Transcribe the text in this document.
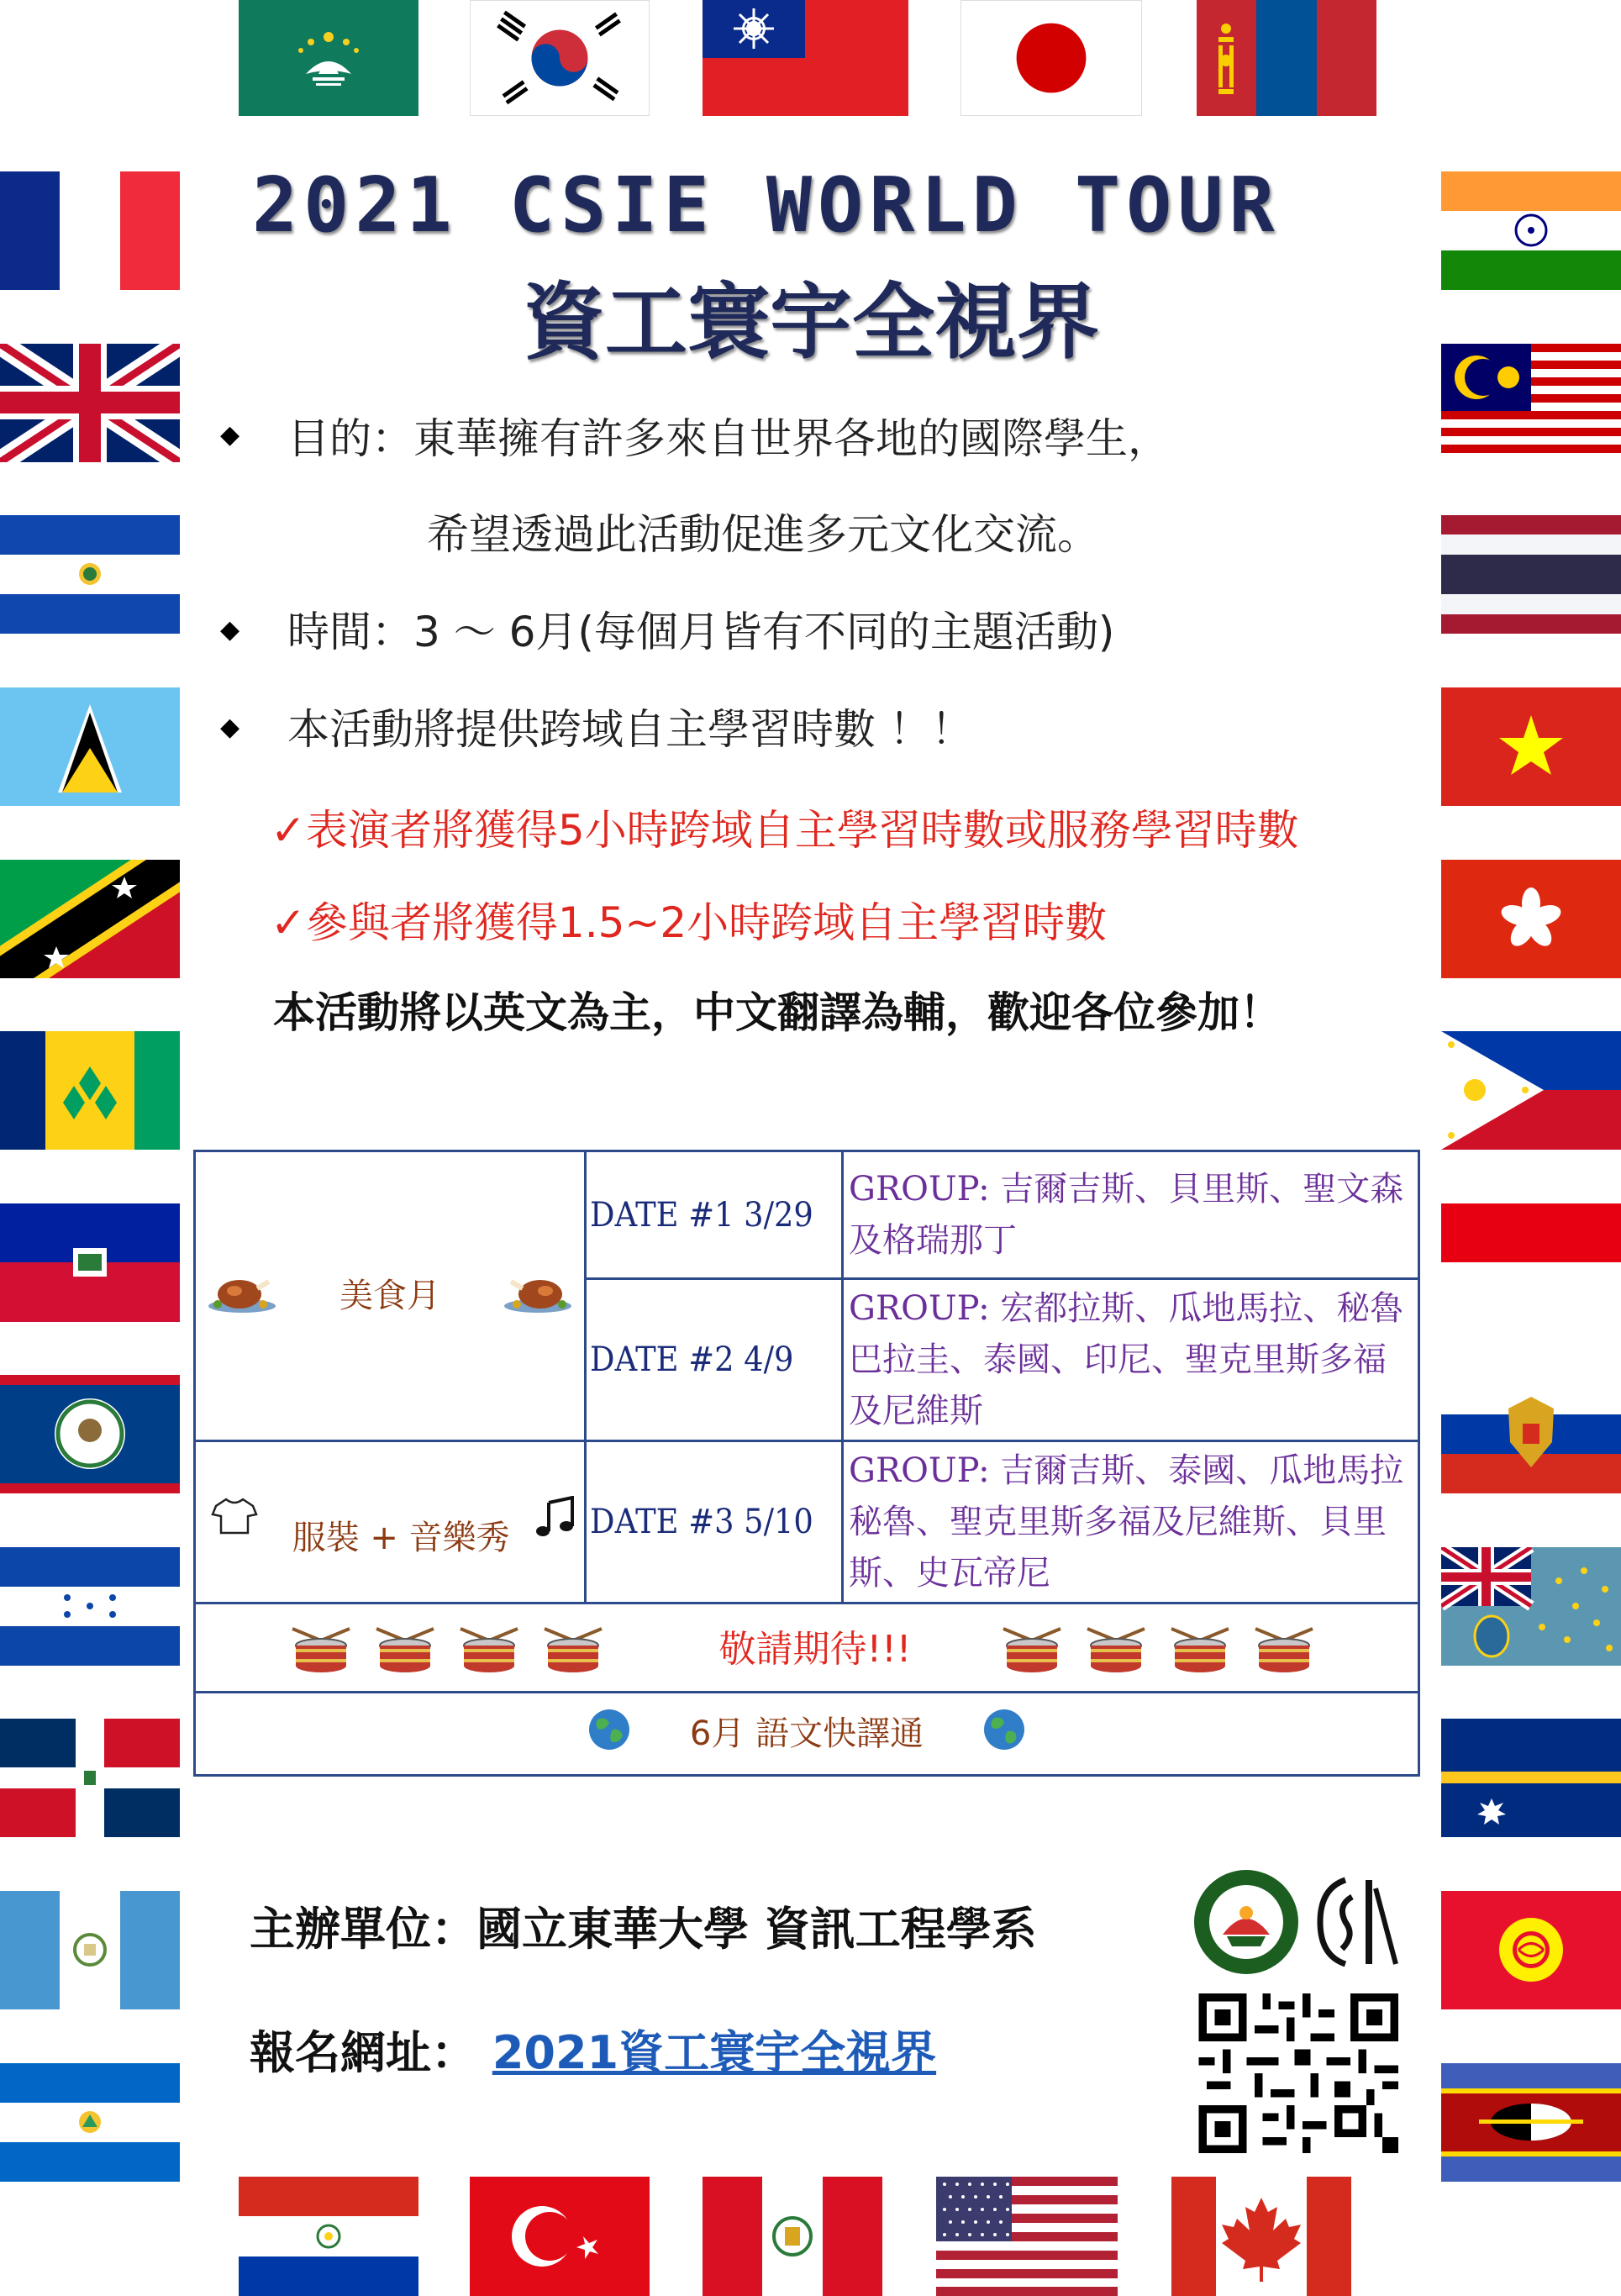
2021 CSIE WORLD TOUR
資工寰宇全視界
◆ 目的：東華擁有許多來自世界各地的國際學生，
希望透過此活動促進多元文化交流。
◆ 時間：3 ～ 6月(每個月皆有不同的主題活動)
◆ 本活動將提供跨域自主學習時數 ！！
✓表演者將獲得5小時跨域自主學習時數或服務學習時數
✓參與者將獲得1.5~2小時跨域自主學習時數
本活動將以英文為主，中文翻譯為輔，歡迎各位參加！
美食月	DATE #1 3/29	GROUP: 吉爾吉斯、貝里斯、聖文森及格瑞那丁
	DATE #2 4/9	GROUP: 宏都拉斯、瓜地馬拉、秘魯巴拉圭、泰國、印尼、聖克里斯多福及尼維斯
服裝 + 音樂秀	DATE #3 5/10	GROUP: 吉爾吉斯、泰國、瓜地馬拉秘魯、聖克里斯多福及尼維斯、貝里斯、史瓦帝尼
敬請期待!!!		
6月 語文快譯通		
主辦單位：國立東華大學 資訊工程學系
報名網址： 2021資工寰宇全視界
